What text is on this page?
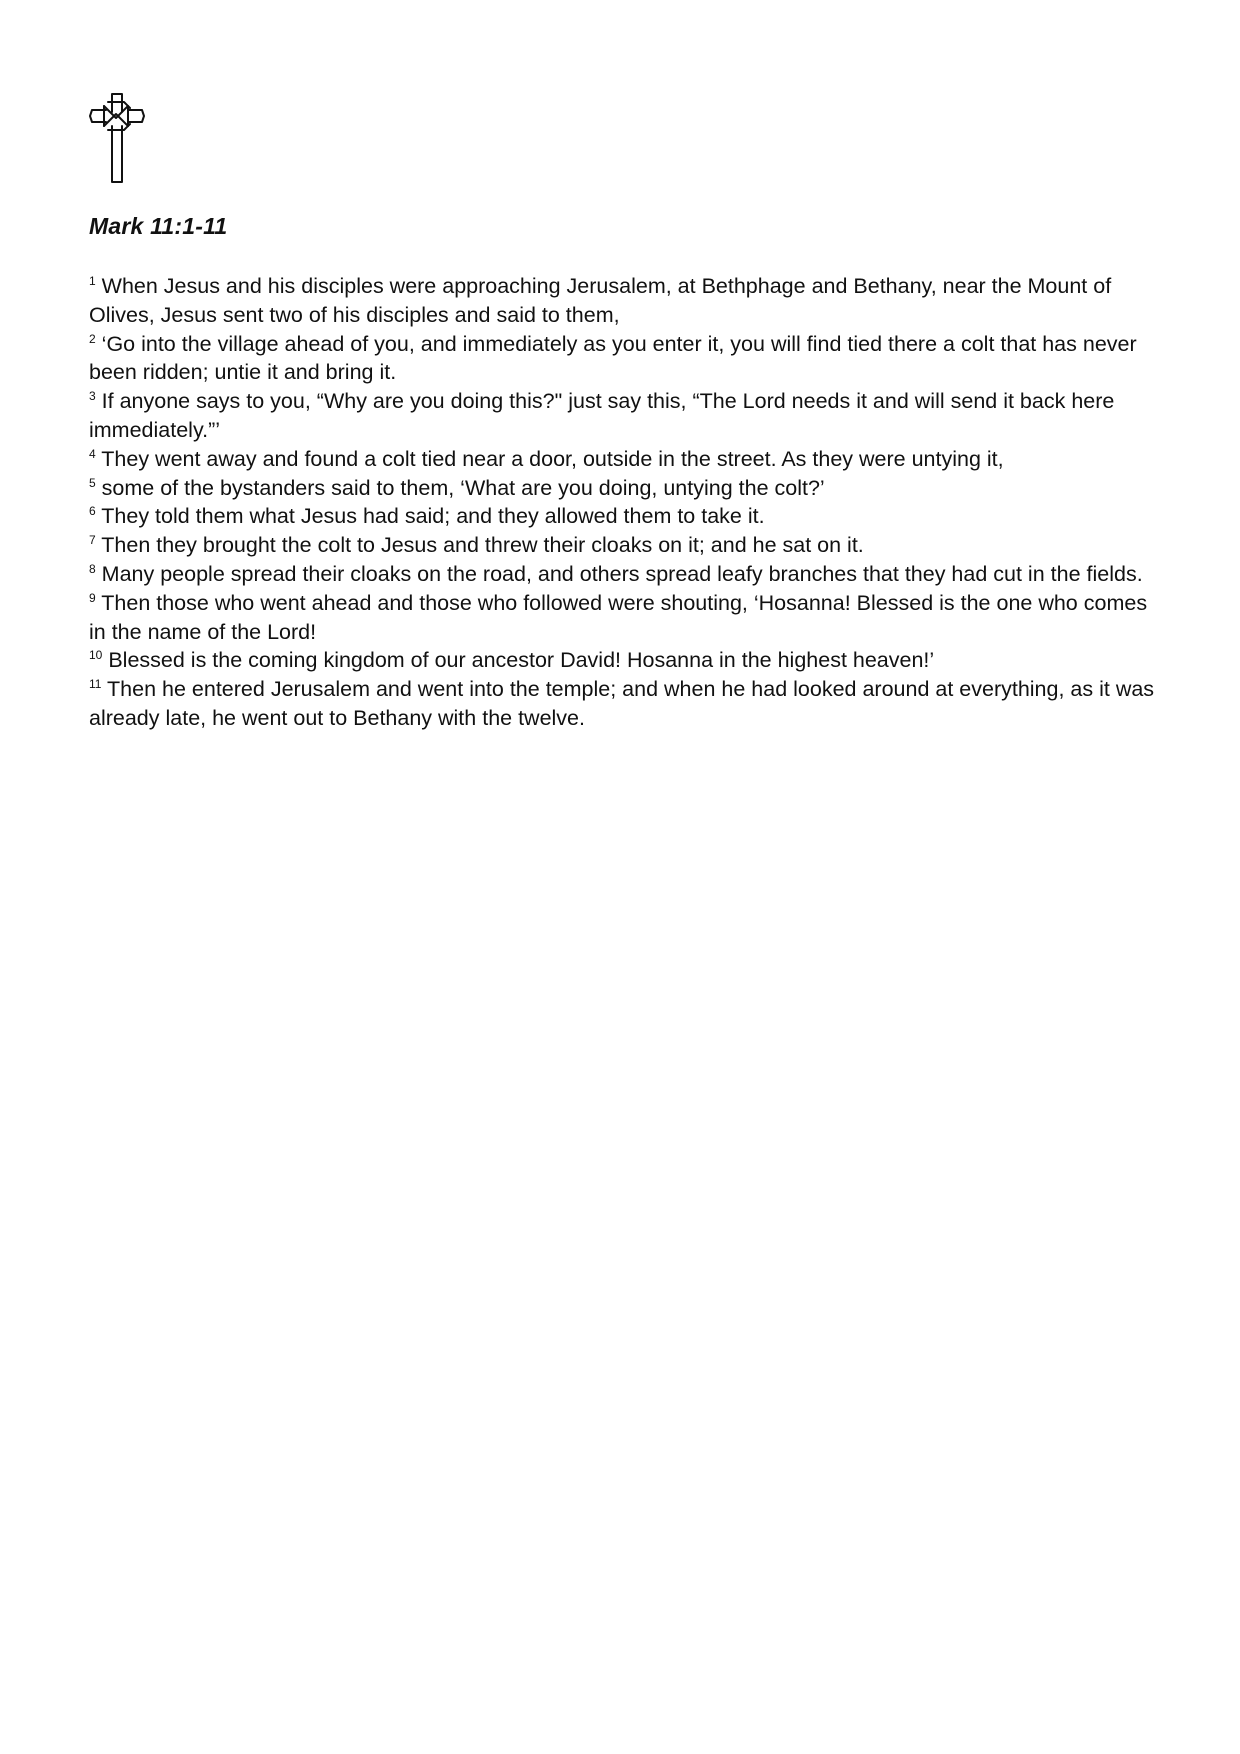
Mark 11:1-11

$^1$ When Jesus and his disciples were approaching Jerusalem, at Bethphage and Bethany, near the Mount of Olives, Jesus sent two of his disciples and said to them,

$^2$ ‘Go into the village ahead of you, and immediately as you enter it, you will find tied there a colt that has never been ridden; untie it and bring it.

$^3$ If anyone says to you, “Why are you doing this?" just say this, “The Lord needs it and will send it back here immediately.”’

$^4$ They went away and found a colt tied near a door, outside in the street. As they were untying it,

$^5$ some of the bystanders said to them, ‘What are you doing, untying the colt?’

$^6$ They told them what Jesus had said; and they allowed them to take it.

$^7$ Then they brought the colt to Jesus and threw their cloaks on it; and he sat on it.

$^8$ Many people spread their cloaks on the road, and others spread leafy branches that they had cut in the fields.

$^9$ Then those who went ahead and those who followed were shouting, ‘Hosanna! Blessed is the one who comes in the name of the Lord!

$^{10}$ Blessed is the coming kingdom of our ancestor David! Hosanna in the highest heaven!’

$^{11}$ Then he entered Jerusalem and went into the temple; and when he had looked around at everything, as it was already late, he went out to Bethany with the twelve.
